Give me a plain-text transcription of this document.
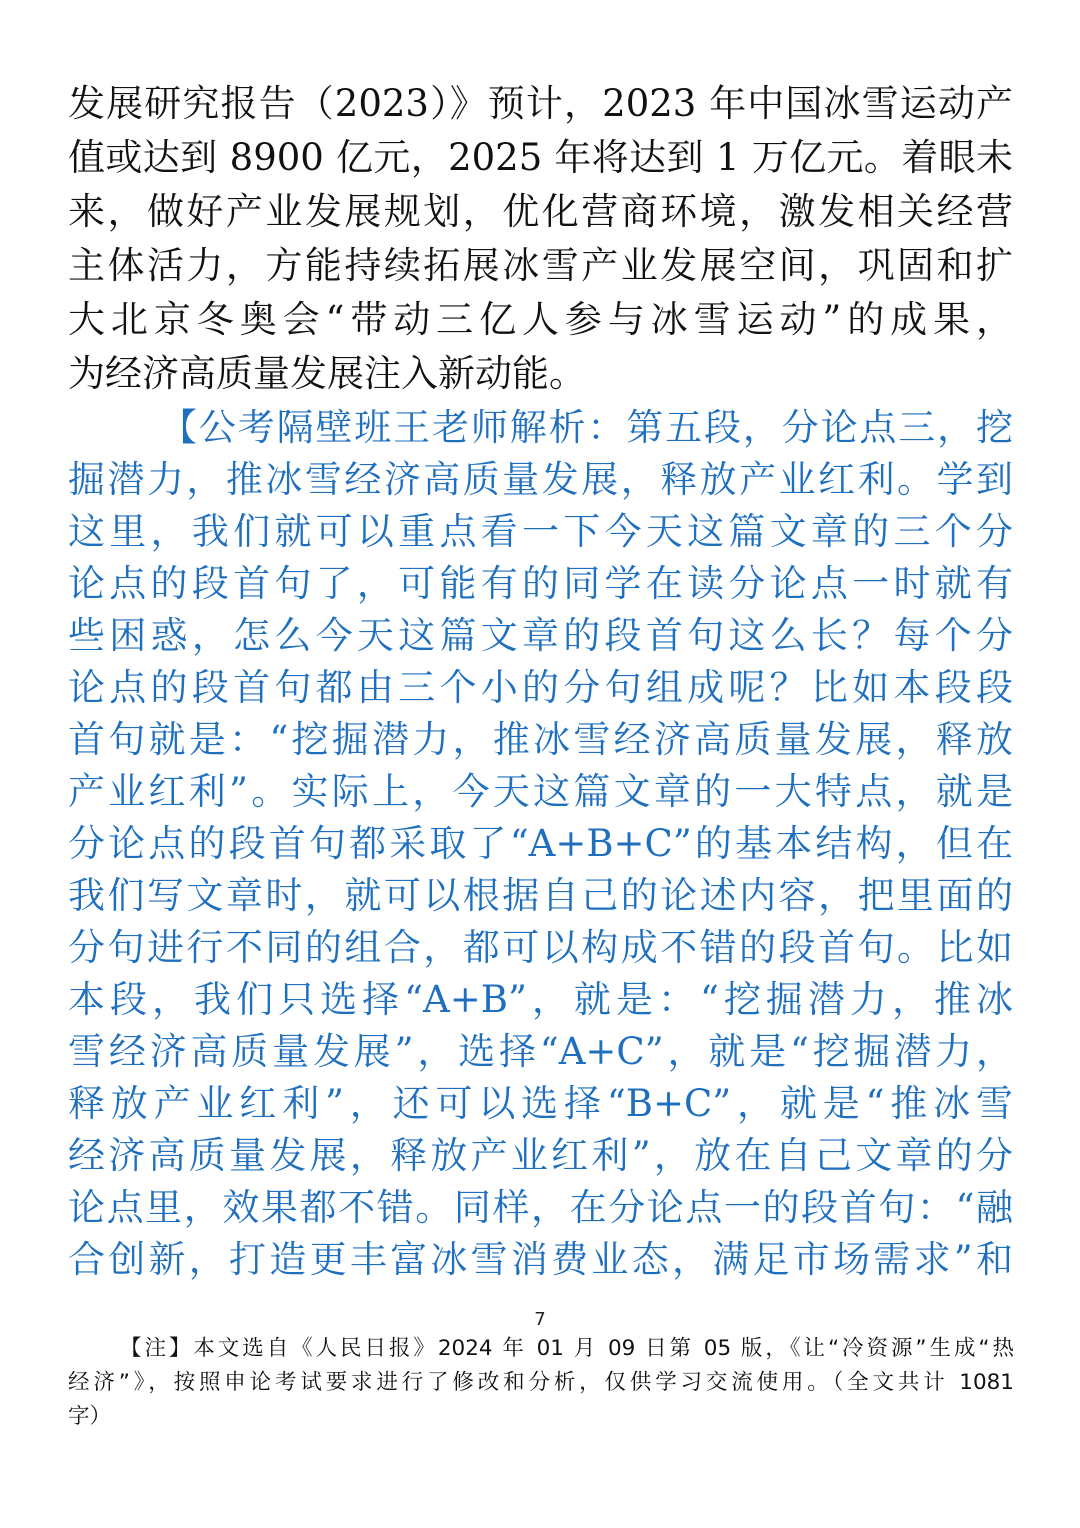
发展研究报告（2023）》预计，2023 年中国冰雪运动产
值或达到 8900 亿元，2025 年将达到 1 万亿元。着眼未
来，做好产业发展规划，优化营商环境，激发相关经营
主体活力，方能持续拓展冰雪产业发展空间，巩固和扩
大北京冬奥会“带动三亿人参与冰雪运动”的成果，
为经济高质量发展注入新动能。
【公考隔壁班王老师解析：第五段，分论点三，挖
掘潜力，推冰雪经济高质量发展，释放产业红利。学到
这里，我们就可以重点看一下今天这篇文章的三个分
论点的段首句了，可能有的同学在读分论点一时就有
些困惑，怎么今天这篇文章的段首句这么长？每个分
论点的段首句都由三个小的分句组成呢？比如本段段
首句就是：“挖掘潜力，推冰雪经济高质量发展，释放
产业红利”。实际上，今天这篇文章的一大特点，就是
分论点的段首句都采取了“A+B+C”的基本结构，但在
我们写文章时，就可以根据自己的论述内容，把里面的
分句进行不同的组合，都可以构成不错的段首句。比如
本段，我们只选择“A+B”，就是：“挖掘潜力，推冰
雪经济高质量发展”，选择“A+C”，就是“挖掘潜力，
释放产业红利”，还可以选择“B+C”，就是“推冰雪
经济高质量发展，释放产业红利”，放在自己文章的分
论点里，效果都不错。同样，在分论点一的段首句：“融
合创新，打造更丰富冰雪消费业态，满足市场需求”和
7
【注】本文选自《人民日报》2024 年 01 月 09 日第 05 版，《让“冷资源”生成“热
经济”》，按照申论考试要求进行了修改和分析，仅供学习交流使用。（全文共计 1081
字）
